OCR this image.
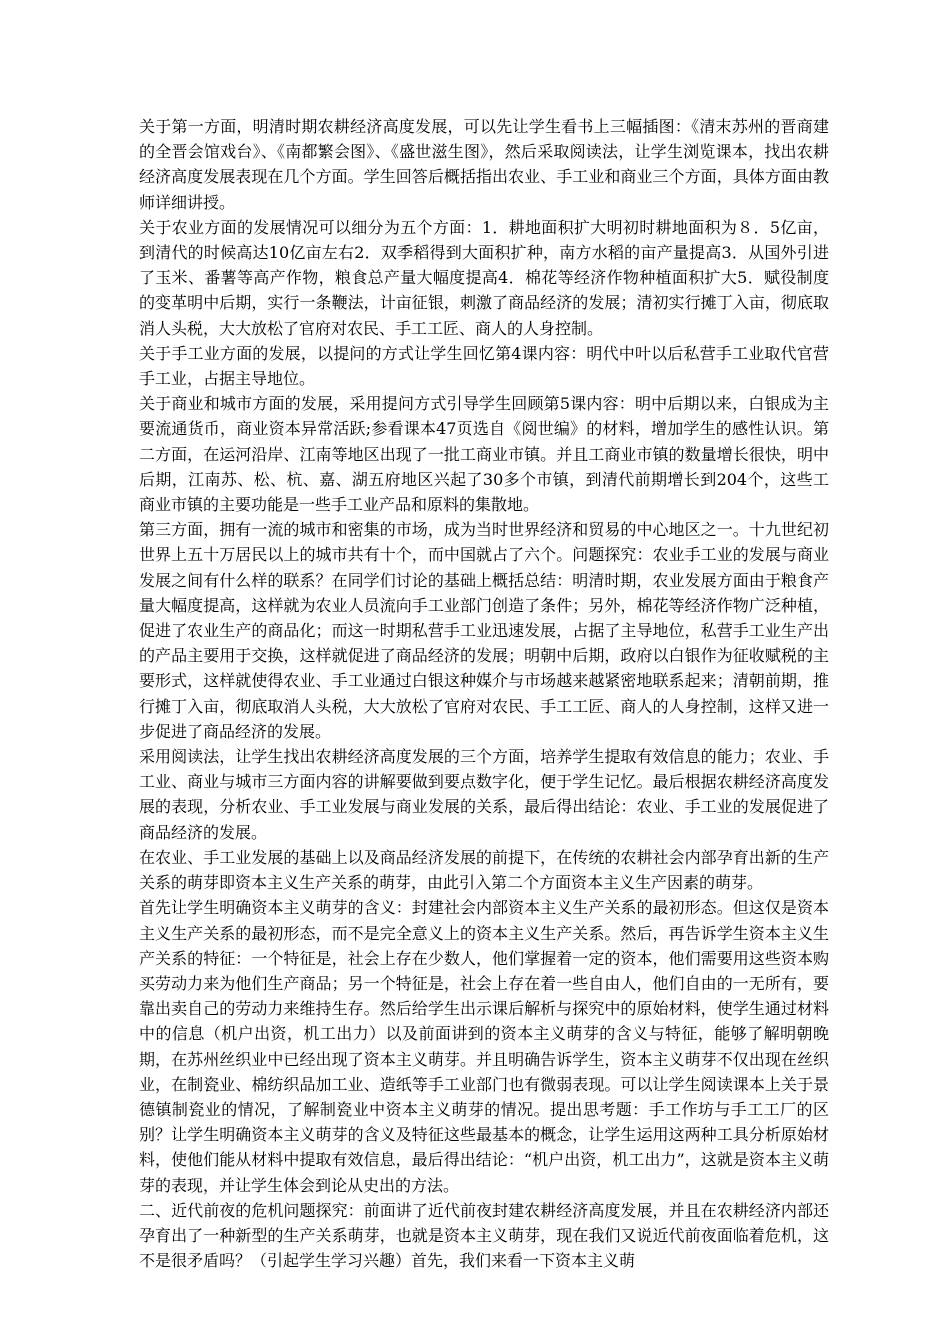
关于第一方面，明清时期农耕经济高度发展，可以先让学生看书上三幅插图：《清末苏州的晋商建的全晋会馆戏台》、《南都繁会图》、《盛世滋生图》，然后采取阅读法，让学生浏览课本，找出农耕经济高度发展表现在几个方面。学生回答后概括指出农业、手工业和商业三个方面，具体方面由教师详细讲授。

关于农业方面的发展情况可以细分为五个方面：1．耕地面积扩大明初时耕地面积为８．5亿亩，到清代的时候高达10亿亩左右2．双季稻得到大面积扩种，南方水稻的亩产量提高3．从国外引进了玉米、番薯等高产作物，粮食总产量大幅度提高4．棉花等经济作物种植面积扩大5．赋役制度的变革明中后期，实行一条鞭法，计亩征银，刺激了商品经济的发展；清初实行摊丁入亩，彻底取消人头税，大大放松了官府对农民、手工工匠、商人的人身控制。

关于手工业方面的发展，以提问的方式让学生回忆第4课内容：明代中叶以后私营手工业取代官营手工业，占据主导地位。

关于商业和城市方面的发展，采用提问方式引导学生回顾第5课内容：明中后期以来，白银成为主要流通货币，商业资本异常活跃;参看课本47页选自《阅世编》的材料，增加学生的感性认识。第二方面，在运河沿岸、江南等地区出现了一批工商业市镇。并且工商业市镇的数量增长很快，明中后期，江南苏、松、杭、嘉、湖五府地区兴起了30多个市镇，到清代前期增长到204个，这些工商业市镇的主要功能是一些手工业产品和原料的集散地。

第三方面，拥有一流的城市和密集的市场，成为当时世界经济和贸易的中心地区之一。十九世纪初世界上五十万居民以上的城市共有十个，而中国就占了六个。问题探究：农业手工业的发展与商业发展之间有什么样的联系？在同学们讨论的基础上概括总结：明清时期，农业发展方面由于粮食产量大幅度提高，这样就为农业人员流向手工业部门创造了条件；另外，棉花等经济作物广泛种植，促进了农业生产的商品化；而这一时期私营手工业迅速发展，占据了主导地位，私营手工业生产出的产品主要用于交换，这样就促进了商品经济的发展；明朝中后期，政府以白银作为征收赋税的主要形式，这样就使得农业、手工业通过白银这种媒介与市场越来越紧密地联系起来；清朝前期，推行摊丁入亩，彻底取消人头税，大大放松了官府对农民、手工工匠、商人的人身控制，这样又进一步促进了商品经济的发展。

采用阅读法，让学生找出农耕经济高度发展的三个方面，培养学生提取有效信息的能力；农业、手工业、商业与城市三方面内容的讲解要做到要点数字化，便于学生记忆。最后根据农耕经济高度发展的表现，分析农业、手工业发展与商业发展的关系，最后得出结论：农业、手工业的发展促进了商品经济的发展。

在农业、手工业发展的基础上以及商品经济发展的前提下，在传统的农耕社会内部孕育出新的生产关系的萌芽即资本主义生产关系的萌芽，由此引入第二个方面资本主义生产因素的萌芽。

首先让学生明确资本主义萌芽的含义：封建社会内部资本主义生产关系的最初形态。但这仅是资本主义生产关系的最初形态，而不是完全意义上的资本主义生产关系。然后，再告诉学生资本主义生产关系的特征：一个特征是，社会上存在少数人，他们掌握着一定的资本，他们需要用这些资本购买劳动力来为他们生产商品；另一个特征是，社会上存在着一些自由人，他们自由的一无所有，要靠出卖自己的劳动力来维持生存。然后给学生出示课后解析与探究中的原始材料，使学生通过材料中的信息（机户出资，机工出力）以及前面讲到的资本主义萌芽的含义与特征，能够了解明朝晚期，在苏州丝织业中已经出现了资本主义萌芽。并且明确告诉学生，资本主义萌芽不仅出现在丝织业，在制瓷业、棉纺织品加工业、造纸等手工业部门也有微弱表现。可以让学生阅读课本上关于景德镇制瓷业的情况，了解制瓷业中资本主义萌芽的情况。提出思考题：手工作坊与手工工厂的区别？让学生明确资本主义萌芽的含义及特征这些最基本的概念，让学生运用这两种工具分析原始材料，使他们能从材料中提取有效信息，最后得出结论：“机户出资，机工出力”，这就是资本主义萌芽的表现，并让学生体会到论从史出的方法。

二、近代前夜的危机问题探究：前面讲了近代前夜封建农耕经济高度发展，并且在农耕经济内部还孕育出了一种新型的生产关系萌芽，也就是资本主义萌芽，现在我们又说近代前夜面临着危机，这不是很矛盾吗？（引起学生学习兴趣）首先，我们来看一下资本主义萌
